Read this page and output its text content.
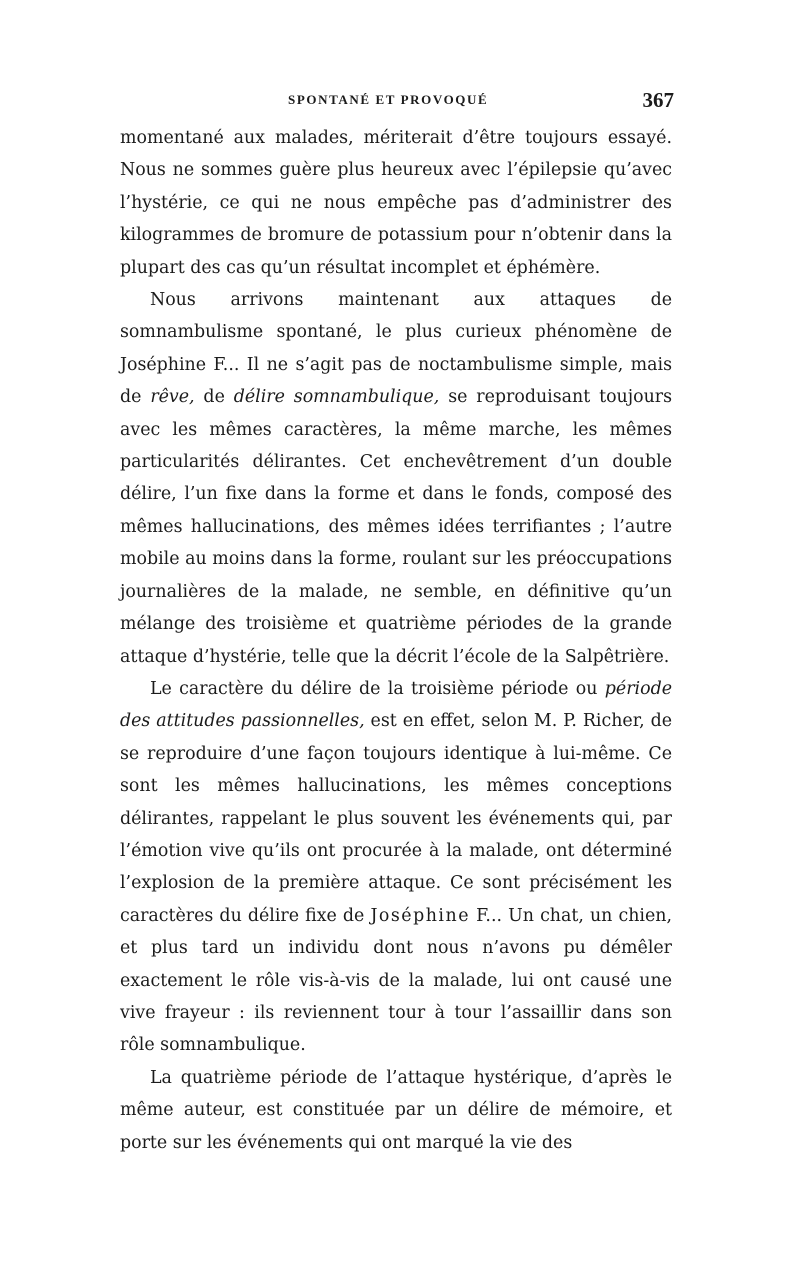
SPONTANÉ ET PROVOQUÉ	367

momentané aux malades, mériterait d’être toujours essayé. Nous ne sommes guère plus heureux avec l’épilepsie qu’avec l’hystérie, ce qui ne nous empêche pas d’administrer des kilogrammes de bromure de potassium pour n’obtenir dans la plupart des cas qu’un résultat incomplet et éphémère.

Nous arrivons maintenant aux attaques de somnambulisme spontané, le plus curieux phénomène de Joséphine F... Il ne s’agit pas de noctambulisme simple, mais de rêve, de délire somnambulique, se reproduisant toujours avec les mêmes caractères, la même marche, les mêmes particularités délirantes. Cet enchevêtrement d’un double délire, l’un fixe dans la forme et dans le fonds, composé des mêmes hallucinations, des mêmes idées terrifiantes ; l’autre mobile au moins dans la forme, roulant sur les préoccupations journalières de la malade, ne semble, en définitive qu’un mélange des troisième et quatrième périodes de la grande attaque d’hystérie, telle que la décrit l’école de la Salpêtrière.

Le caractère du délire de la troisième période ou période des attitudes passionnelles, est en effet, selon M. P. Richer, de se reproduire d’une façon toujours identique à lui-même. Ce sont les mêmes hallucinations, les mêmes conceptions délirantes, rappelant le plus souvent les événements qui, par l’émotion vive qu’ils ont procurée à la malade, ont déterminé l’explosion de la première attaque. Ce sont précisément les caractères du délire fixe de Joséphine F... Un chat, un chien, et plus tard un individu dont nous n’avons pu démêler exactement le rôle vis-à-vis de la malade, lui ont causé une vive frayeur : ils reviennent tour à tour l’assaillir dans son rôle somnambulique.

La quatrième période de l’attaque hystérique, d’après le même auteur, est constituée par un délire de mémoire, et porte sur les événements qui ont marqué la vie des
